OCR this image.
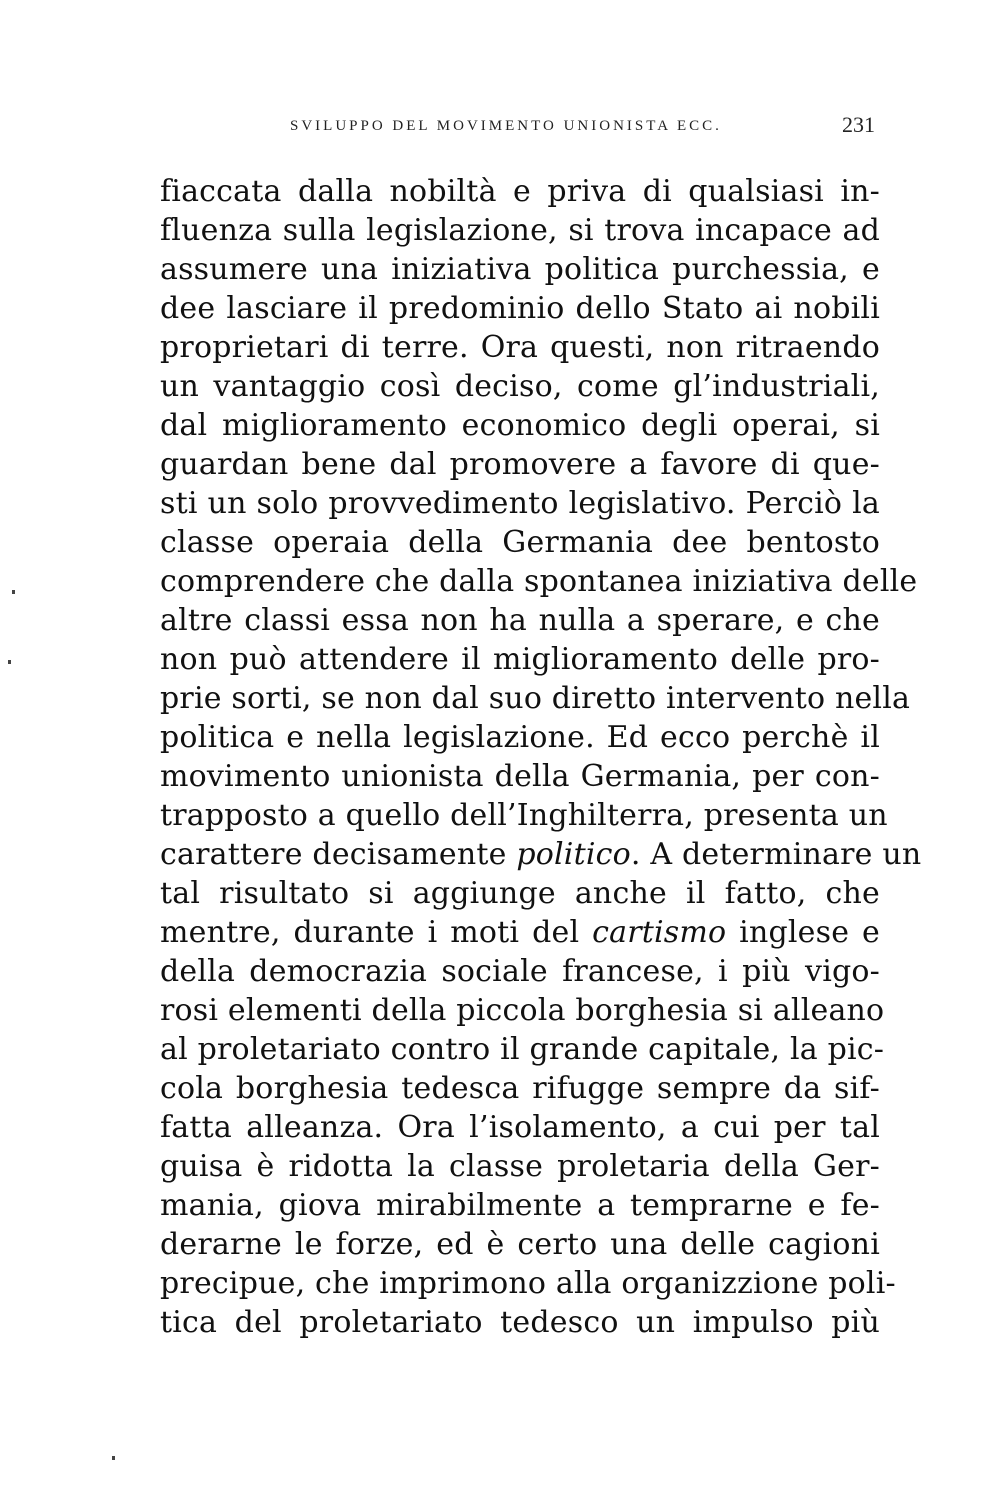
SVILUPPO DEL MOVIMENTO UNIONISTA ECC.	231
fiaccata dalla nobiltà e priva di qualsiasi in-
fluenza sulla legislazione, si trova incapace ad
assumere una iniziativa politica purchessia, e
dee lasciare il predominio dello Stato ai nobili
proprietari di terre. Ora questi, non ritraendo
un vantaggio così deciso, come gl’industriali,
dal miglioramento economico degli operai, si
guardan bene dal promovere a favore di que-
sti un solo provvedimento legislativo. Perciò la
classe operaia della Germania dee bentosto
comprendere che dalla spontanea iniziativa delle
altre classi essa non ha nulla a sperare, e che
non può attendere il miglioramento delle pro-
prie sorti, se non dal suo diretto intervento nella
politica e nella legislazione. Ed ecco perchè il
movimento unionista della Germania, per con-
trapposto a quello dell’Inghilterra, presenta un
carattere decisamente politico. A determinare un
tal risultato si aggiunge anche il fatto, che
mentre, durante i moti del cartismo inglese e
della democrazia sociale francese, i più vigo-
rosi elementi della piccola borghesia si alleano
al proletariato contro il grande capitale, la pic-
cola borghesia tedesca rifugge sempre da sif-
fatta alleanza. Ora l’isolamento, a cui per tal
guisa è ridotta la classe proletaria della Ger-
mania, giova mirabilmente a temprarne e fe-
derarne le forze, ed è certo una delle cagioni
precipue, che imprimono alla organizzione poli-
tica del proletariato tedesco un impulso più
